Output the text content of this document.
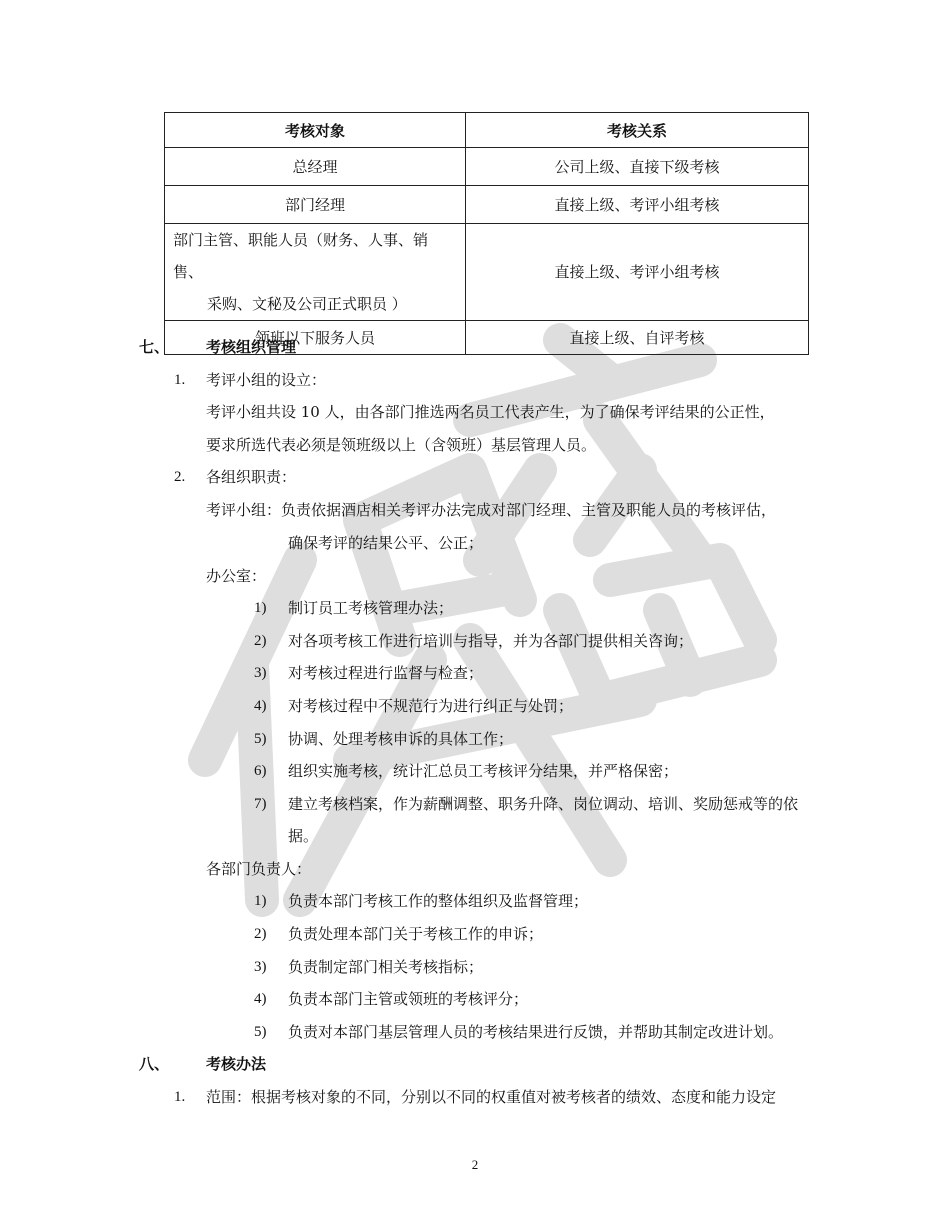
考核对象	考核关系
总经理	公司上级、直接下级考核
部门经理	直接上级、考评小组考核

部门主管、职能人员（财务、人事、销售、
采购、文秘及公司正式职员 ）	直接上级、考评小组考核
领班以下服务人员	直接上级、自评考核
七、 考核组织管理
1. 考评小组的设立：
考评小组共设 10 人，由各部门推选两名员工代表产生，为了确保考评结果的公正性，
要求所选代表必须是领班级以上（含领班）基层管理人员。
2. 各组织职责：
考评小组：负责依据酒店相关考评办法完成对部门经理、主管及职能人员的考核评估，
确保考评的结果公平、公正；
办公室：
1) 制订员工考核管理办法；
2) 对各项考核工作进行培训与指导，并为各部门提供相关咨询；
3) 对考核过程进行监督与检查；
4) 对考核过程中不规范行为进行纠正与处罚；
5) 协调、处理考核申诉的具体工作；
6) 组织实施考核，统计汇总员工考核评分结果，并严格保密；
7) 建立考核档案，作为薪酬调整、职务升降、岗位调动、培训、奖励惩戒等的依
据。
各部门负责人：
1) 负责本部门考核工作的整体组织及监督管理；
2) 负责处理本部门关于考核工作的申诉；
3) 负责制定部门相关考核指标；
4) 负责本部门主管或领班的考核评分；
5) 负责对本部门基层管理人员的考核结果进行反馈，并帮助其制定改进计划。
八、 考核办法
1. 范围：根据考核对象的不同，分别以不同的权重值对被考核者的绩效、态度和能力设定
2
